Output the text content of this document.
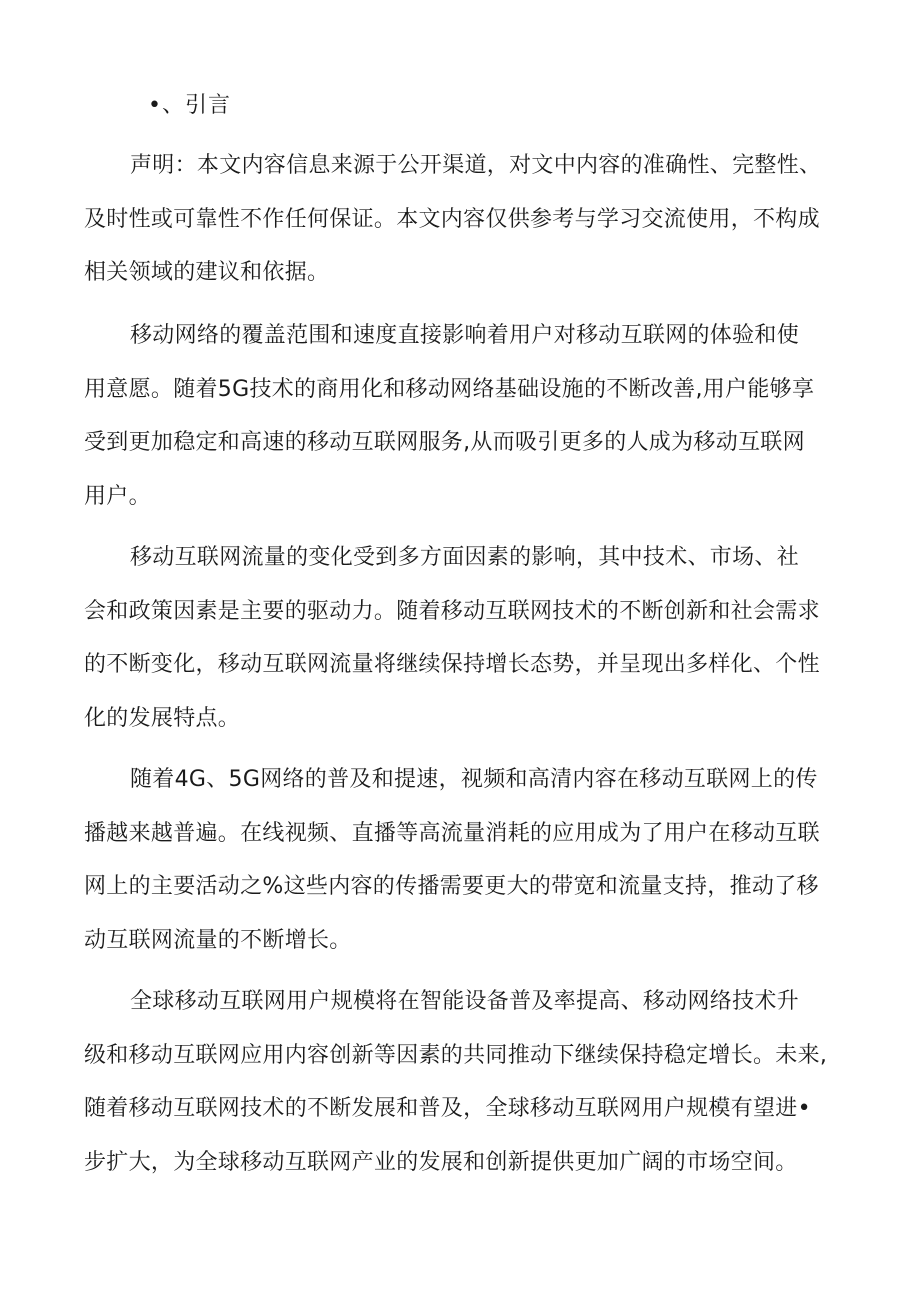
•、引言
声明：本文内容信息来源于公开渠道，对文中内容的准确性、完整性、
及时性或可靠性不作任何保证。本文内容仅供参考与学习交流使用，不构成
相关领域的建议和依据。
移动网络的覆盖范围和速度直接影响着用户对移动互联网的体验和使
用意愿。随着5G技术的商用化和移动网络基础设施的不断改善,用户能够享
受到更加稳定和高速的移动互联网服务,从而吸引更多的人成为移动互联网
用户。
移动互联网流量的变化受到多方面因素的影响，其中技术、市场、社
会和政策因素是主要的驱动力。随着移动互联网技术的不断创新和社会需求
的不断变化，移动互联网流量将继续保持增长态势，并呈现出多样化、个性
化的发展特点。
随着4G、5G网络的普及和提速，视频和高清内容在移动互联网上的传
播越来越普遍。在线视频、直播等高流量消耗的应用成为了用户在移动互联
网上的主要活动之%这些内容的传播需要更大的带宽和流量支持，推动了移
动互联网流量的不断增长。
全球移动互联网用户规模将在智能设备普及率提高、移动网络技术升
级和移动互联网应用内容创新等因素的共同推动下继续保持稳定增长。未来,
随着移动互联网技术的不断发展和普及，全球移动互联网用户规模有望进•
步扩大，为全球移动互联网产业的发展和创新提供更加广阔的市场空间。
